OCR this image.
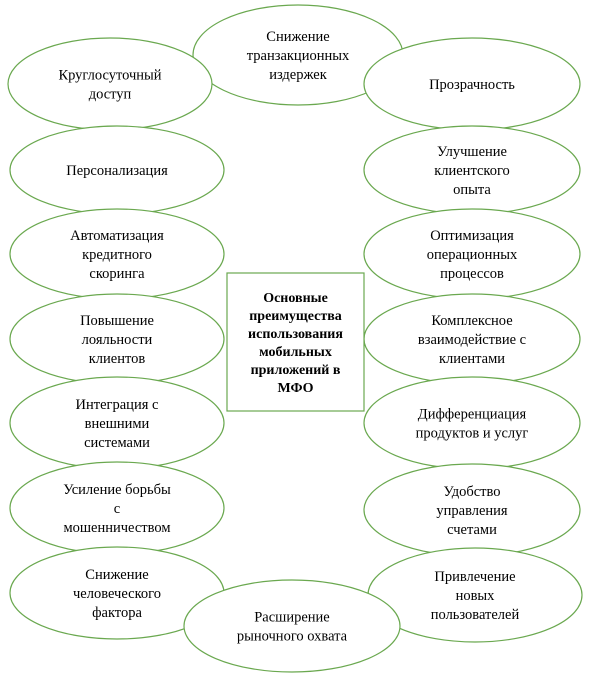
Снижение транзакционных издержек
Круглосуточный доступ
Прозрачность
Персонализация
Улучшение клиентского опыта
Автоматизация кредитного скоринга
Оптимизация операционных процессов
Повышение лояльности клиентов
Комплексное взаимодействие с клиентами
Интеграция с внешними системами
Дифференциация продуктов и услуг
Усиление борьбы с мошенничеством
Удобство управления счетами
Снижение человеческого фактора
Привлечение новых пользователей
Расширение рыночного охвата
Основные преимущества использования мобильных приложений в МФО
